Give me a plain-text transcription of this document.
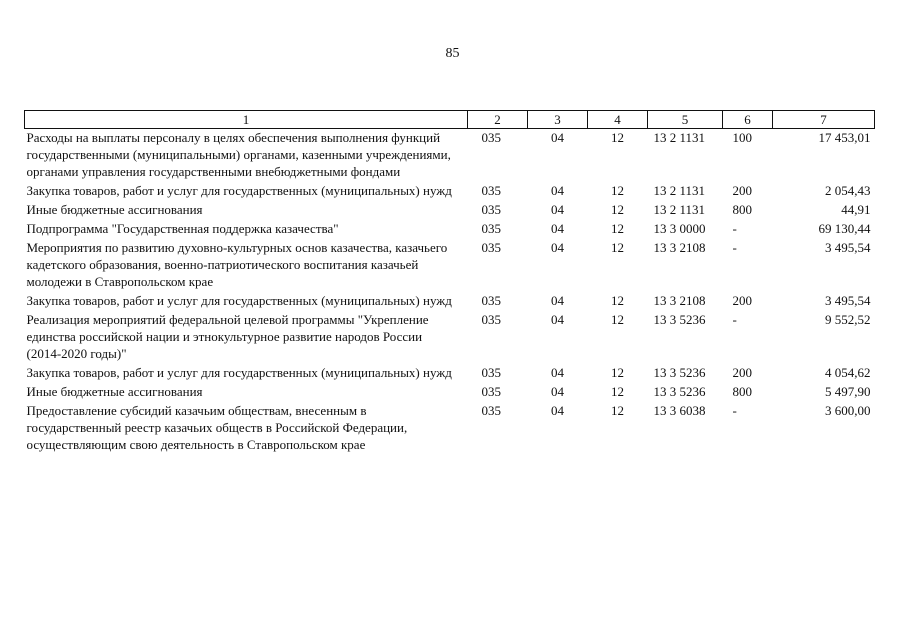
85
1	2	3	4	5	6	7
Расходы на выплаты персоналу в целях обеспечения выполнения функций государственными (муниципальными) органами, казенными учреждениями, органами управления государственными внебюджетными фондами	035	04	12	13 2 1131	100	17 453,01
Закупка товаров, работ и услуг для государственных (муниципальных) нужд	035	04	12	13 2 1131	200	2 054,43
Иные бюджетные ассигнования	035	04	12	13 2 1131	800	44,91
Подпрограмма "Государственная поддержка казачества"	035	04	12	13 3 0000	-	69 130,44
Мероприятия по развитию духовно-культурных основ казачества, казачьего кадетского образования, военно-патриотического воспитания казачьей молодежи в Ставропольском крае	035	04	12	13 3 2108	-	3 495,54
Закупка товаров, работ и услуг для государственных (муниципальных) нужд	035	04	12	13 3 2108	200	3 495,54
Реализация мероприятий федеральной целевой программы "Укрепление единства российской нации и этнокультурное развитие народов России (2014-2020 годы)"	035	04	12	13 3 5236	-	9 552,52
Закупка товаров, работ и услуг для государственных (муниципальных) нужд	035	04	12	13 3 5236	200	4 054,62
Иные бюджетные ассигнования	035	04	12	13 3 5236	800	5 497,90
Предоставление субсидий казачьим обществам, внесенным в государственный реестр казачьих обществ в Российской Федерации, осуществляющим свою деятельность в Ставропольском крае	035	04	12	13 3 6038	-	3 600,00
